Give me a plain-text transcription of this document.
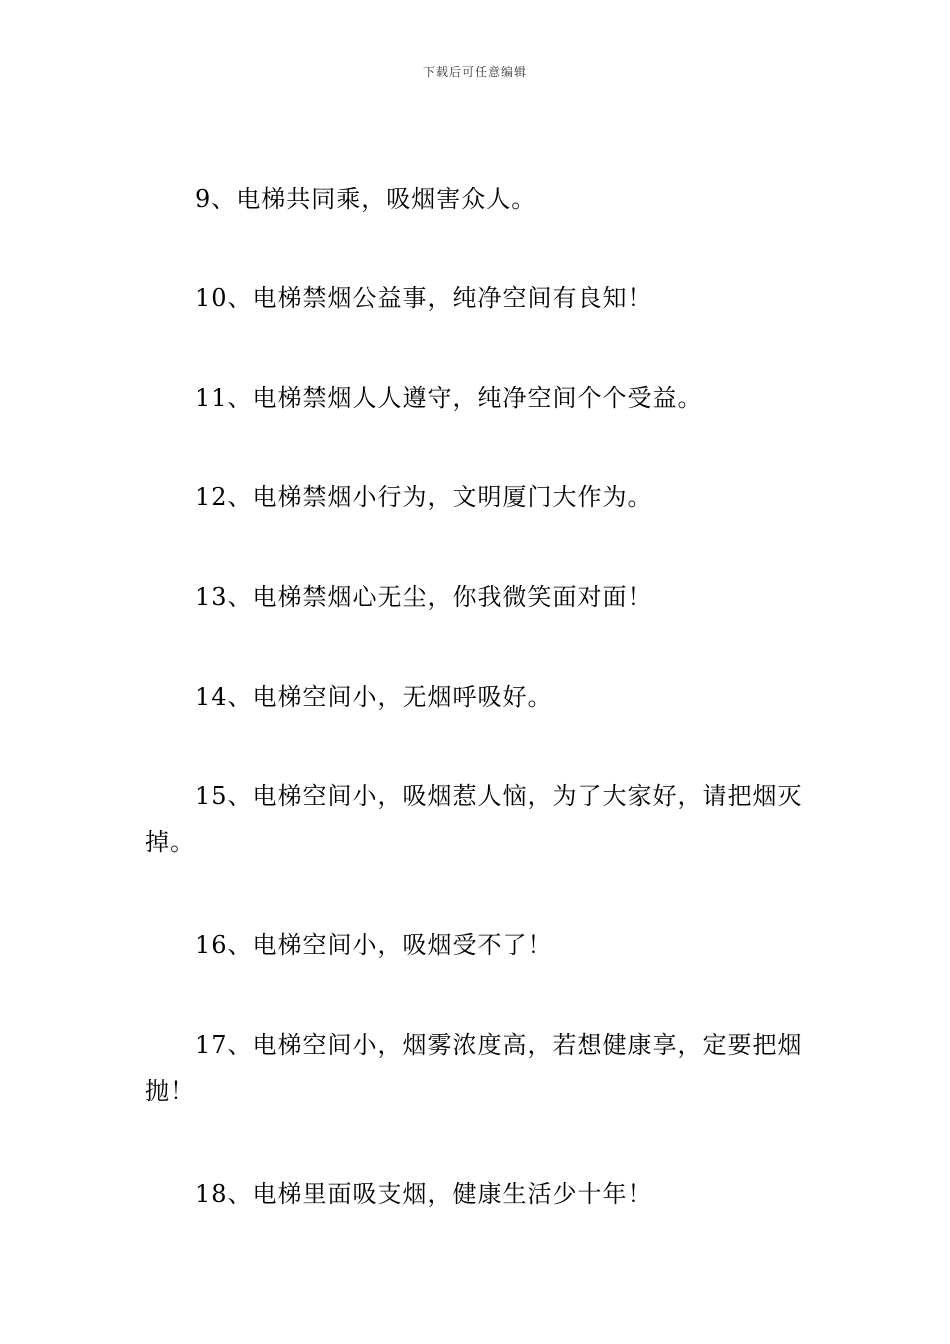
下载后可任意编辑
9、电梯共同乘，吸烟害众人。
10、电梯禁烟公益事，纯净空间有良知！
11、电梯禁烟人人遵守，纯净空间个个受益。
12、电梯禁烟小行为，文明厦门大作为。
13、电梯禁烟心无尘，你我微笑面对面！
14、电梯空间小，无烟呼吸好。
15、电梯空间小，吸烟惹人恼，为了大家好，请把烟灭掉。
16、电梯空间小，吸烟受不了！
17、电梯空间小，烟雾浓度高，若想健康享，定要把烟抛！
18、电梯里面吸支烟，健康生活少十年！
